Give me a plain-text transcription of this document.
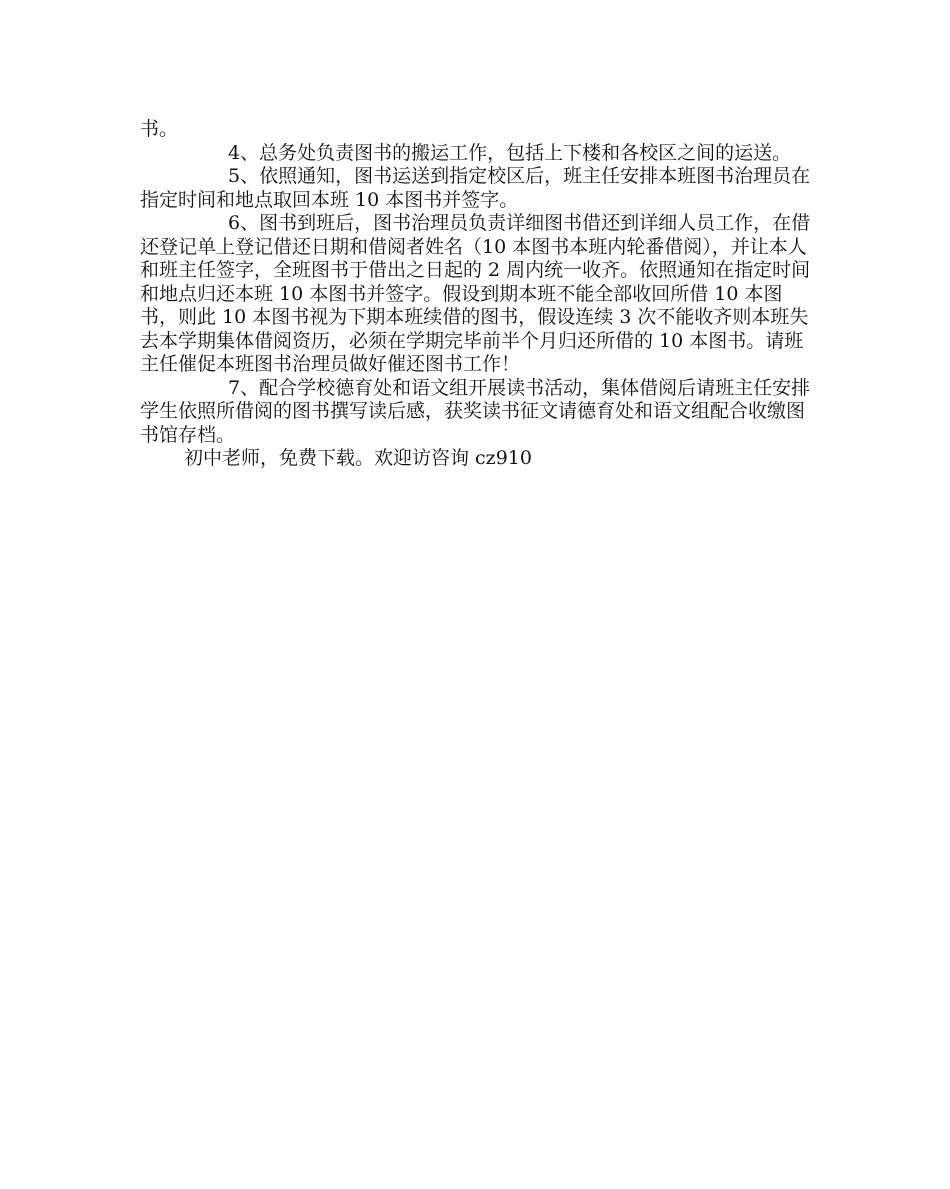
书。

4、总务处负责图书的搬运工作，包括上下楼和各校区之间的运送。

5、依照通知，图书运送到指定校区后，班主任安排本班图书治理员在指定时间和地点取回本班 10 本图书并签字。

6、图书到班后，图书治理员负责详细图书借还到详细人员工作，在借还登记单上登记借还日期和借阅者姓名（10 本图书本班内轮番借阅），并让本人和班主任签字，全班图书于借出之日起的 2 周内统一收齐。依照通知在指定时间和地点归还本班 10 本图书并签字。假设到期本班不能全部收回所借 10 本图书，则此 10 本图书视为下期本班续借的图书，假设连续 3 次不能收齐则本班失去本学期集体借阅资历，必须在学期完毕前半个月归还所借的 10 本图书。请班主任催促本班图书治理员做好催还图书工作！

7、配合学校德育处和语文组开展读书活动，集体借阅后请班主任安排学生依照所借阅的图书撰写读后感，获奖读书征文请德育处和语文组配合收缴图书馆存档。

初中老师，免费下载。欢迎访咨询 cz910
